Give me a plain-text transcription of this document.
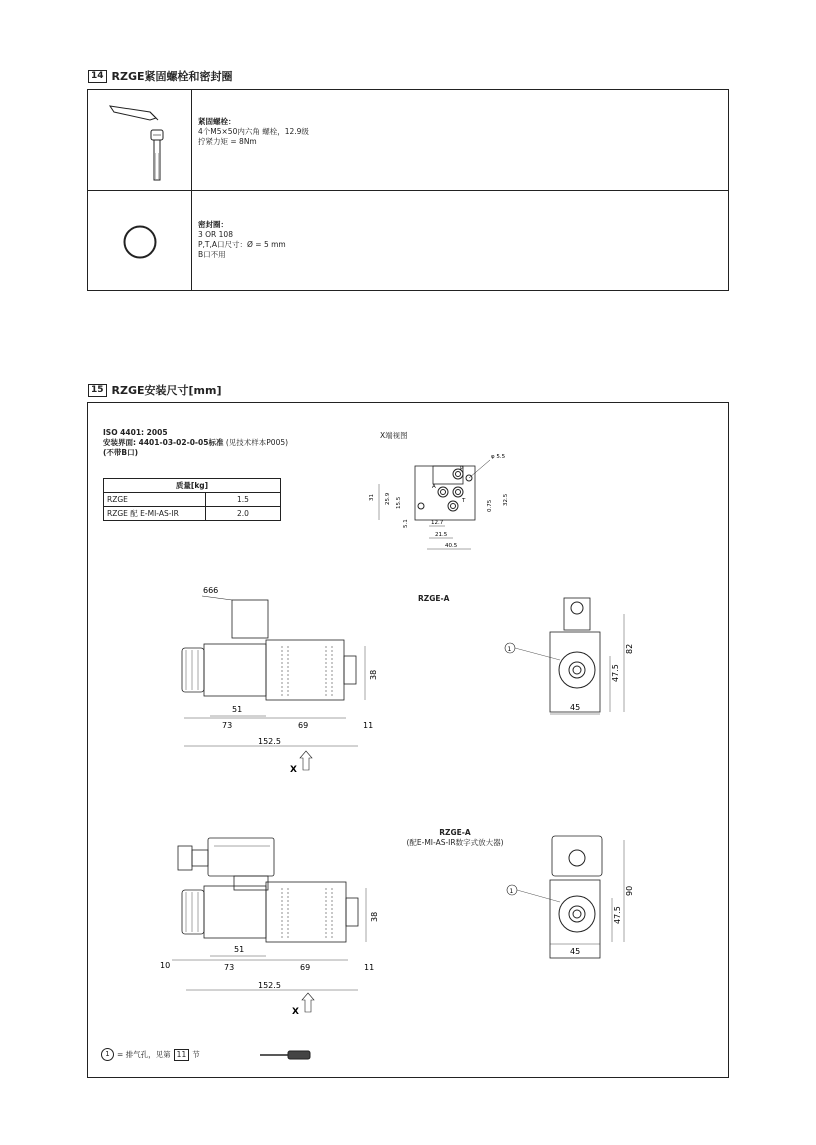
14 RZGE紧固螺栓和密封圈
紧固螺栓：
4个M5×50内六角 螺栓，12.9级
拧紧力矩 = 8Nm
密封圈：
3 OR 108
P,T,A口尺寸：Ø = 5 mm
B口不用
15 RZGE安装尺寸[mm]
ISO 4401: 2005
安装界面: 4401-03-02-0-05标准 (见技术样本P005)
(不带B口)
质量[kg]	
RZGE	1.5
RZGE 配 E-MI-AS-IR	2.0
X端视图
A
P
T
φ 5.5
31 25.9 15.5
5.1
0.75 32.5
12.7
21.5
40.5
RZGE-A
666
38
51
73	69	11
152.5
X
1
47.5
82
45
RZGE-A
(配E-MI-AS-IR数字式放大器)
38
51
10	73	69	11
152.5
X
1
47.5
90
45
1 = 排气孔，见第 11 节
